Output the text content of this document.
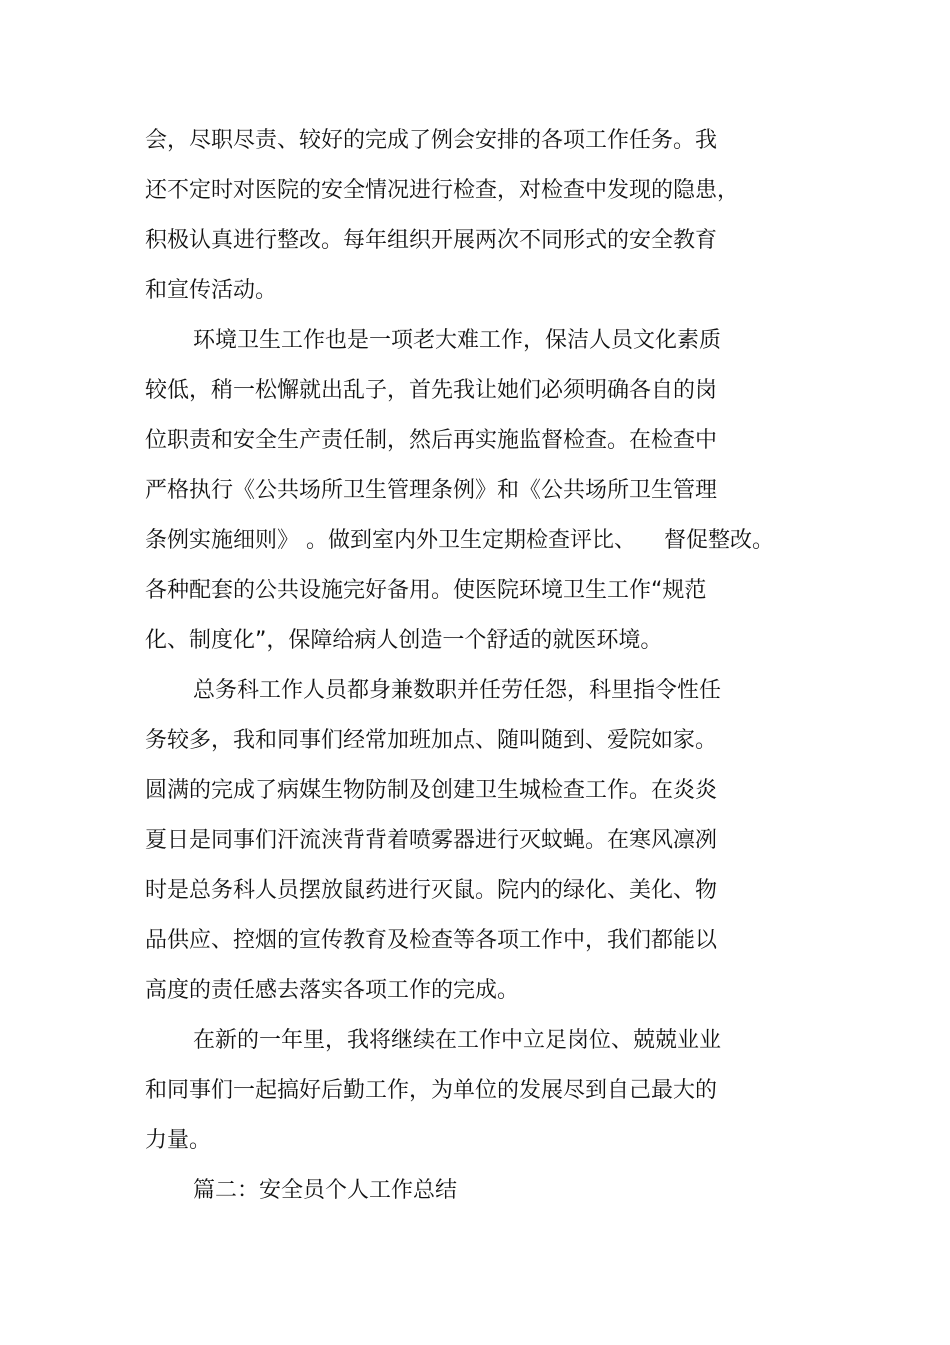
会，尽职尽责、较好的完成了例会安排的各项工作任务。我
还不定时对医院的安全情况进行检查，对检查中发现的隐患，
积极认真进行整改。每年组织开展两次不同形式的安全教育
和宣传活动。
环境卫生工作也是一项老大难工作，保洁人员文化素质
较低，稍一松懈就出乱子，首先我让她们必须明确各自的岗
位职责和安全生产责任制，然后再实施监督检查。在检查中
严格执行《公共场所卫生管理条例》和《公共场所卫生管理
条例实施细则》 。做到室内外卫生定期检查评比、    督促整改。
各种配套的公共设施完好备用。使医院环境卫生工作“规范
化、制度化”，保障给病人创造一个舒适的就医环境。
总务科工作人员都身兼数职并任劳任怨，科里指令性任
务较多，我和同事们经常加班加点、随叫随到、爱院如家。
圆满的完成了病媒生物防制及创建卫生城检查工作。在炎炎
夏日是同事们汗流浃背背着喷雾器进行灭蚊蝇。在寒风凛冽
时是总务科人员摆放鼠药进行灭鼠。院内的绿化、美化、物
品供应、控烟的宣传教育及检查等各项工作中，我们都能以
高度的责任感去落实各项工作的完成。
在新的一年里，我将继续在工作中立足岗位、兢兢业业
和同事们一起搞好后勤工作，为单位的发展尽到自己最大的
力量。
篇二：安全员个人工作总结
